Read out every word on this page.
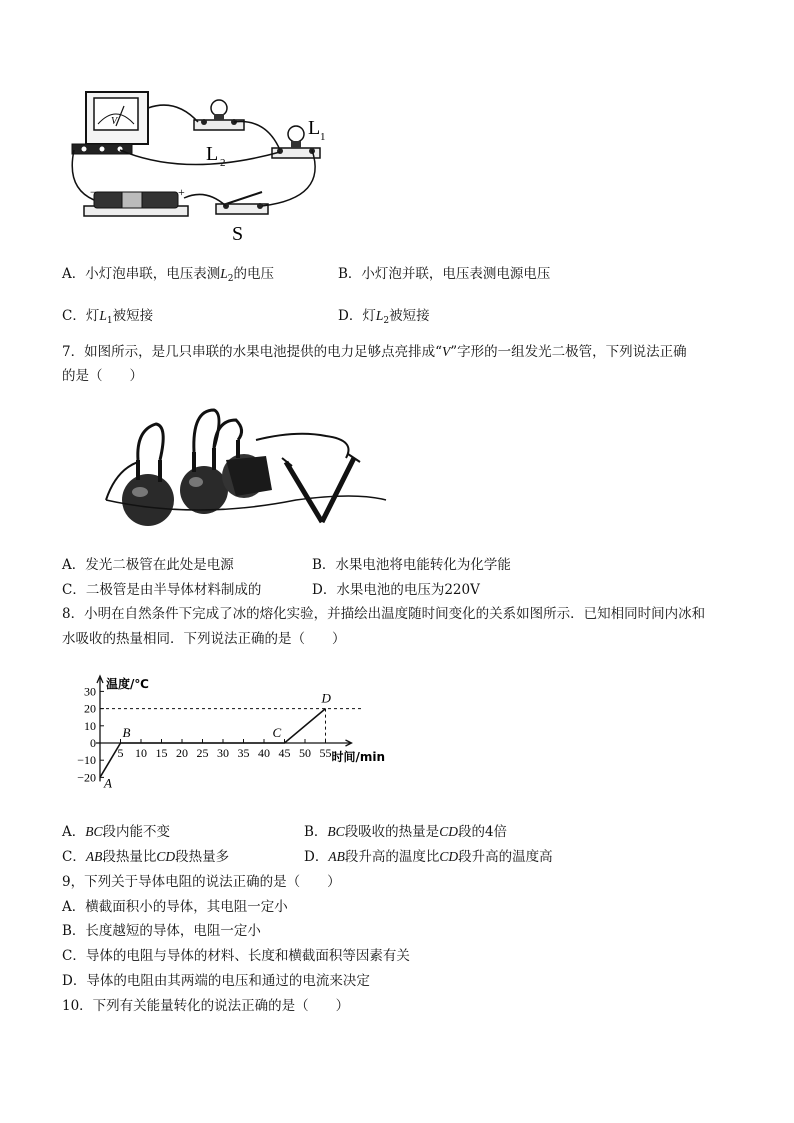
V
−	+
L 2
L 1
S
A．小灯泡串联，电压表测$L_2$的电压	B．小灯泡并联，电压表测电源电压
C．灯$L_1$被短接	D．灯$L_2$被短接
7．如图所示，是几只串联的水果电池提供的电力足够点亮排成“V”字形的一组发光二极管，下列说法正确
的是（　　）
A．发光二极管在此处是电源	B．水果电池将电能转化为化学能
C．二极管是由半导体材料制成的	D．水果电池的电压为220V
8．小明在自然条件下完成了冰的熔化实验，并描绘出温度随时间变化的关系如图所示．已知相同时间内冰和
水吸收的热量相同．下列说法正确的是（　　）
30
20
10
0
−10
−20
5 10 15 20 25 30 35 40 45 50 55
温度/℃
时间/min
A
B	C
D
A．BC段内能不变	B．BC段吸收的热量是CD段的4倍
C．AB段热量比CD段热量多	D．AB段升高的温度比CD段升高的温度高
9，下列关于导体电阻的说法正确的是（　　）
A．横截面积小的导体，其电阻一定小
B．长度越短的导体，电阻一定小
C．导体的电阻与导体的材料、长度和横截面积等因素有关
D．导体的电阻由其两端的电压和通过的电流来决定
10．下列有关能量转化的说法正确的是（　　）
